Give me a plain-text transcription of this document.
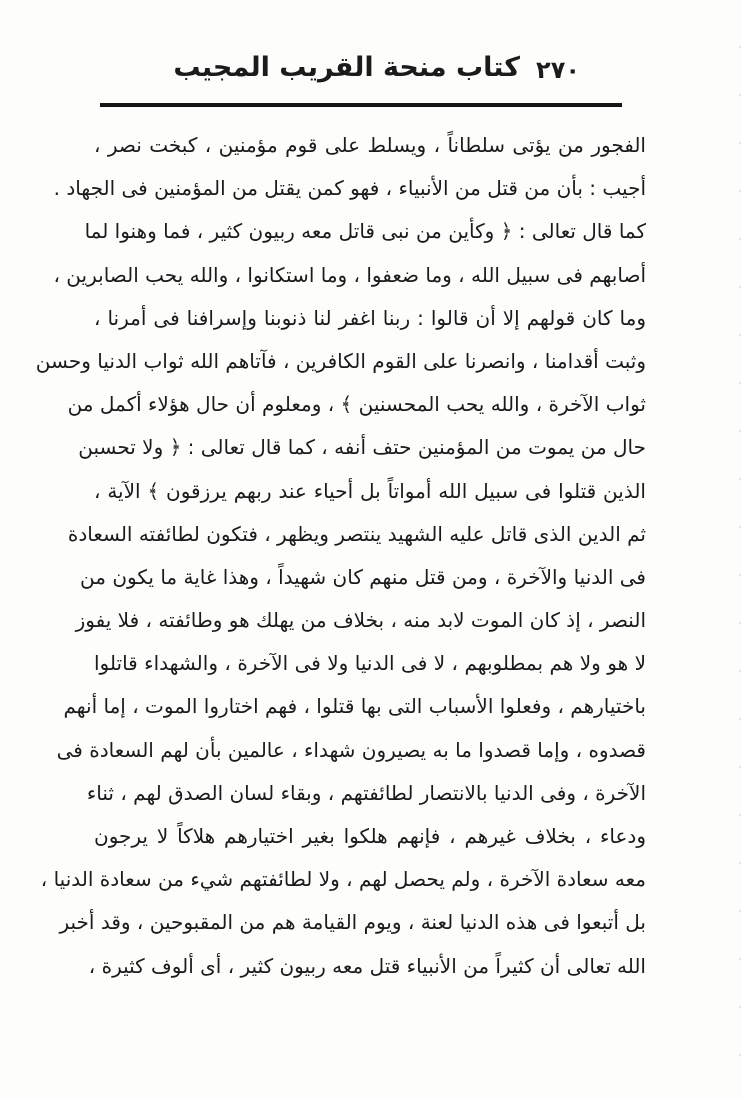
كتاب منحة القريب المجيب ٢٧٠

الفجور من يؤتى سلطاناً ، ويسلط على قوم مؤمنين ، كبخت نصر ،

أجيب : بأن من قتل من الأنبياء ، فهو كمن يقتل من المؤمنين فى الجهاد .

كما قال تعالى : ﴿ وكأين من نبى قاتل معه ربيون كثير ، فما وهنوا لما

أصابهم فى سبيل الله ، وما ضعفوا ، وما استكانوا ، والله يحب الصابرين ،

وما كان قولهم إلا أن قالوا : ربنا اغفر لنا ذنوبنا وإسرافنا فى أمرنا ،

وثبت أقدامنا ، وانصرنا على القوم الكافرين ، فآتاهم الله ثواب الدنيا وحسن

ثواب الآخرة ، والله يحب المحسنين ﴾ ، ومعلوم أن حال هؤلاء أكمل من

حال من يموت من المؤمنين حتف أنفه ، كما قال تعالى : ﴿ ولا تحسبن

الذين قتلوا فى سبيل الله أمواتاً بل أحياء عند ربهم يرزقون ﴾ الآية ،

ثم الدين الذى قاتل عليه الشهيد ينتصر ويظهر ، فتكون لطائفته السعادة

فى الدنيا والآخرة ، ومن قتل منهم كان شهيداً ، وهذا غاية ما يكون من

النصر ، إذ كان الموت لابد منه ، بخلاف من يهلك هو وطائفته ، فلا يفوز

لا هو ولا هم بمطلوبهم ، لا فى الدنيا ولا فى الآخرة ، والشهداء قاتلوا

باختيارهم ، وفعلوا الأسباب التى بها قتلوا ، فهم اختاروا الموت ، إما أنهم

قصدوه ، وإما قصدوا ما به يصيرون شهداء ، عالمين بأن لهم السعادة فى

الآخرة ، وفى الدنيا بالانتصار لطائفتهم ، وبقاء لسان الصدق لهم ، ثناء

ودعاء ، بخلاف غيرهم ، فإنهم هلكوا بغير اختيارهم هلاكاً لا يرجون

معه سعادة الآخرة ، ولم يحصل لهم ، ولا لطائفتهم شيء من سعادة الدنيا ،

بل أتبعوا فى هذه الدنيا لعنة ، ويوم القيامة هم من المقبوحين ، وقد أخبر

الله تعالى أن كثيراً من الأنبياء قتل معه ربيون كثير ، أى ألوف كثيرة ،
